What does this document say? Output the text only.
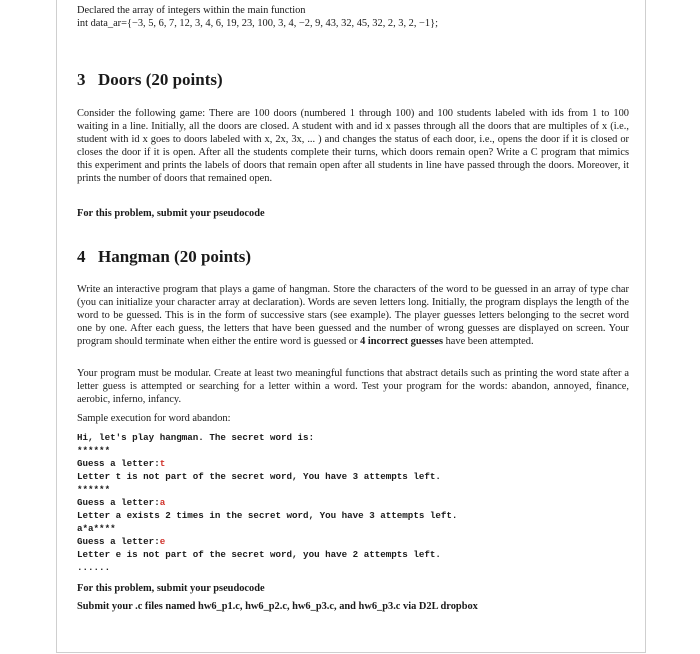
Declared the array of integers within the main function
int data_ar={−3, 5, 6, 7, 12, 3, 4, 6, 19, 23, 100, 3, 4, −2, 9, 43, 32, 45, 32, 2, 3, 2, −1};
3 Doors (20 points)
Consider the following game: There are 100 doors (numbered 1 through 100) and 100 students labeled with ids from 1 to 100 waiting in a line. Initially, all the doors are closed. A student with and id x passes through all the doors that are multiples of x (i.e., student with id x goes to doors labeled with x, 2x, 3x, ... ) and changes the status of each door, i.e., opens the door if it is closed or closes the door if it is open. After all the students complete their turns, which doors remain open? Write a C program that mimics this experiment and prints the labels of doors that remain open after all students in line have passed through the doors. Moreover, it prints the number of doors that remained open.
For this problem, submit your pseudocode
4 Hangman (20 points)
Write an interactive program that plays a game of hangman. Store the characters of the word to be guessed in an array of type char (you can initialize your character array at declaration). Words are seven letters long. Initially, the program displays the length of the word to be guessed. This is in the form of successive stars (see example). The player guesses letters belonging to the secret word one by one. After each guess, the letters that have been guessed and the number of wrong guesses are displayed on screen. Your program should terminate when either the entire word is guessed or 4 incorrect guesses have been attempted.
Your program must be modular. Create at least two meaningful functions that abstract details such as printing the word state after a letter guess is attempted or searching for a letter within a word. Test your program for the words: abandon, annoyed, finance, aerobic, inferno, infancy.
Sample execution for word abandon:
Hi, let's play hangman. The secret word is:
******
Guess a letter:t
Letter t is not part of the secret word, You have 3 attempts left.
******
Guess a letter:a
Letter a exists 2 times in the secret word, You have 3 attempts left.
a*a****
Guess a letter:e
Letter e is not part of the secret word, you have 2 attempts left.
......
For this problem, submit your pseudocode
Submit your .c files named hw6_p1.c, hw6_p2.c, hw6_p3.c, and hw6_p3.c via D2L dropbox
